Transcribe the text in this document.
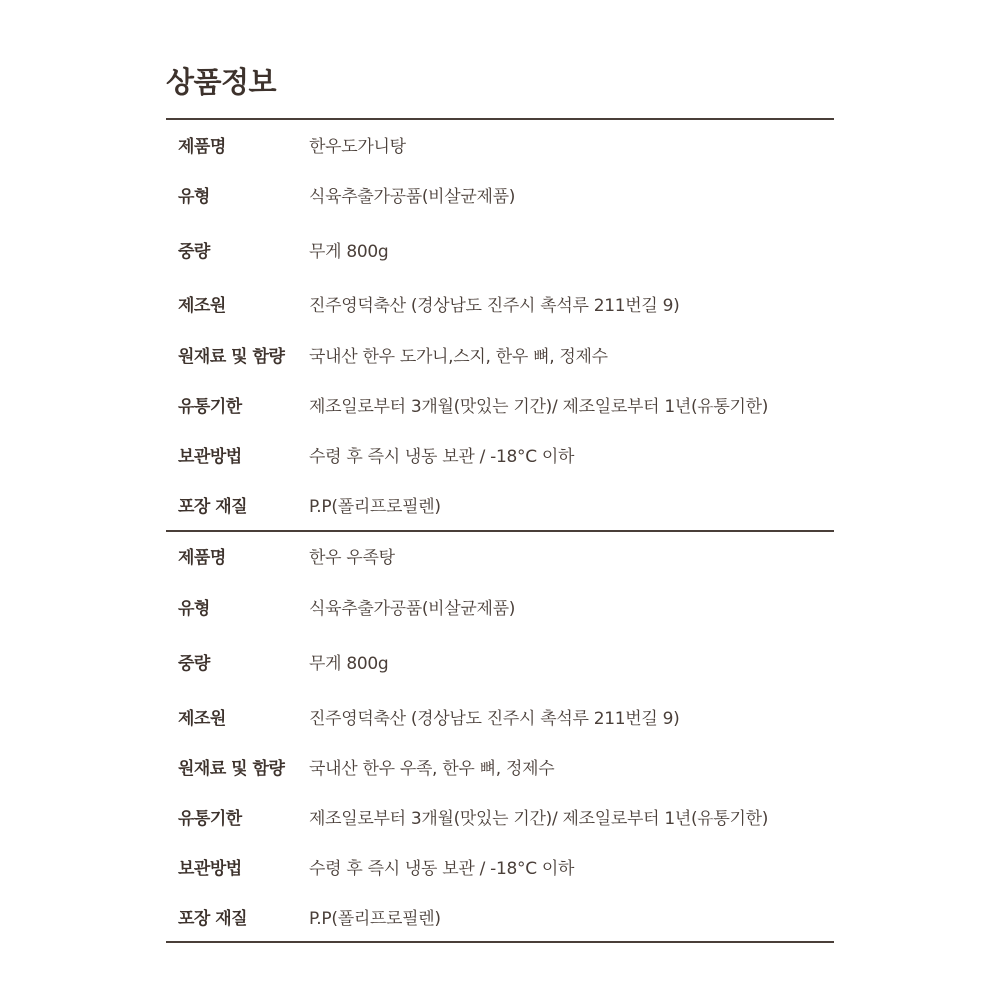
상품정보
제품명	한우도가니탕
유형	식육추출가공품(비살균제품)
중량	무게 800g
제조원	진주영덕축산 (경상남도 진주시 촉석루 211번길 9)
원재료 및 함량	국내산 한우 도가니,스지, 한우 뼈, 정제수
유통기한	제조일로부터 3개월(맛있는 기간)/ 제조일로부터 1년(유통기한)
보관방법	수령 후 즉시 냉동 보관 / -18°C 이하
포장 재질	P.P(폴리프로필렌)
제품명	한우 우족탕
유형	식육추출가공품(비살균제품)
중량	무게 800g
제조원	진주영덕축산 (경상남도 진주시 촉석루 211번길 9)
원재료 및 함량	국내산 한우 우족, 한우 뼈, 정제수
유통기한	제조일로부터 3개월(맛있는 기간)/ 제조일로부터 1년(유통기한)
보관방법	수령 후 즉시 냉동 보관 / -18°C 이하
포장 재질	P.P(폴리프로필렌)
